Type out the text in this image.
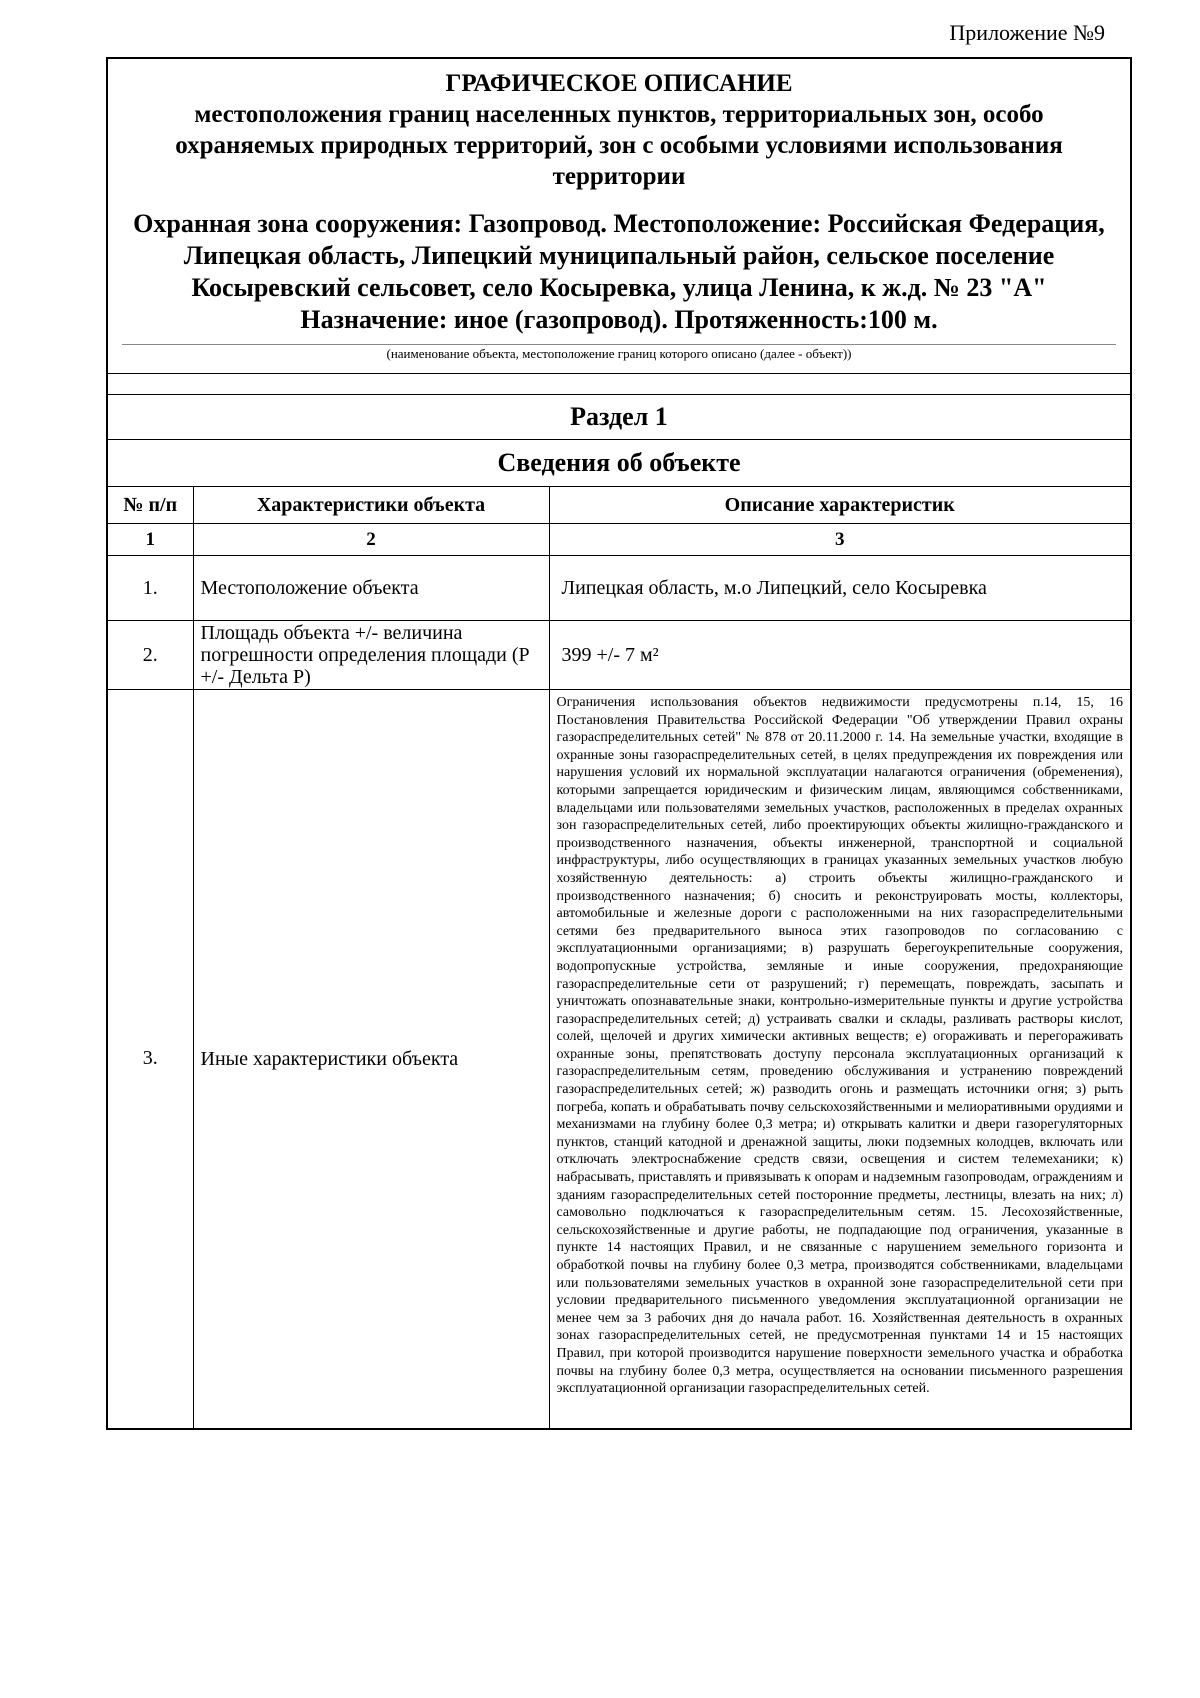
Приложение №9
ГРАФИЧЕСКОЕ ОПИСАНИЕ
местоположения границ населенных пунктов, территориальных зон, особо охраняемых природных территорий, зон с особыми условиями использования территории
Охранная зона сооружения: Газопровод. Местоположение: Российская Федерация, Липецкая область, Липецкий муниципальный район, сельское поселение Косыревский сельсовет, село Косыревка, улица Ленина, к ж.д. № 23 "А"
Назначение: иное (газопровод). Протяженность:100 м.
(наименование объекта, местоположение границ которого описано (далее - объект))
Раздел 1
Сведения об объекте
№ п/п	Характеристики объекта	Описание характеристик
1	2	3
1.	Местоположение объекта	Липецкая область, м.о Липецкий, село Косыревка
2.	Площадь объекта +/- величина погрешности определения площади (P +/- Дельта P)	399 +/- 7 м²
3.	Иные характеристики объекта	Ограничения использования объектов недвижимости предусмотрены п.14, 15, 16 Постановления Правительства Российской Федерации "Об утверждении Правил охраны газораспределительных сетей" № 878 от 20.11.2000 г. 14. На земельные участки, входящие в охранные зоны газораспределительных сетей, в целях предупреждения их повреждения или нарушения условий их нормальной эксплуатации налагаются ограничения (обременения), которыми запрещается юридическим и физическим лицам, являющимся собственниками, владельцами или пользователями земельных участков, расположенных в пределах охранных зон газораспределительных сетей, либо проектирующих объекты жилищно-гражданского и производственного назначения, объекты инженерной, транспортной и социальной инфраструктуры, либо осуществляющих в границах указанных земельных участков любую хозяйственную деятельность: а) строить объекты жилищно-гражданского и производственного назначения; б) сносить и реконструировать мосты, коллекторы, автомобильные и железные дороги с расположенными на них газораспределительными сетями без предварительного выноса этих газопроводов по согласованию с эксплуатационными организациями; в) разрушать берегоукрепительные сооружения, водопропускные устройства, земляные и иные сооружения, предохраняющие газораспределительные сети от разрушений; г) перемещать, повреждать, засыпать и уничтожать опознавательные знаки, контрольно-измерительные пункты и другие устройства газораспределительных сетей; д) устраивать свалки и склады, разливать растворы кислот, солей, щелочей и других химически активных веществ; е) огораживать и перегораживать охранные зоны, препятствовать доступу персонала эксплуатационных организаций к газораспределительным сетям, проведению обслуживания и устранению повреждений газораспределительных сетей; ж) разводить огонь и размещать источники огня; з) рыть погреба, копать и обрабатывать почву сельскохозяйственными и мелиоративными орудиями и механизмами на глубину более 0,3 метра; и) открывать калитки и двери газорегуляторных пунктов, станций катодной и дренажной защиты, люки подземных колодцев, включать или отключать электроснабжение средств связи, освещения и систем телемеханики; к) набрасывать, приставлять и привязывать к опорам и надземным газопроводам, ограждениям и зданиям газораспределительных сетей посторонние предметы, лестницы, влезать на них; л) самовольно подключаться к газораспределительным сетям. 15. Лесохозяйственные, сельскохозяйственные и другие работы, не подпадающие под ограничения, указанные в пункте 14 настоящих Правил, и не связанные с нарушением земельного горизонта и обработкой почвы на глубину более 0,3 метра, производятся собственниками, владельцами или пользователями земельных участков в охранной зоне газораспределительной сети при условии предварительного письменного уведомления эксплуатационной организации не менее чем за 3 рабочих дня до начала работ. 16. Хозяйственная деятельность в охранных зонах газораспределительных сетей, не предусмотренная пунктами 14 и 15 настоящих Правил, при которой производится нарушение поверхности земельного участка и обработка почвы на глубину более 0,3 метра, осуществляется на основании письменного разрешения эксплуатационной организации газораспределительных сетей.
